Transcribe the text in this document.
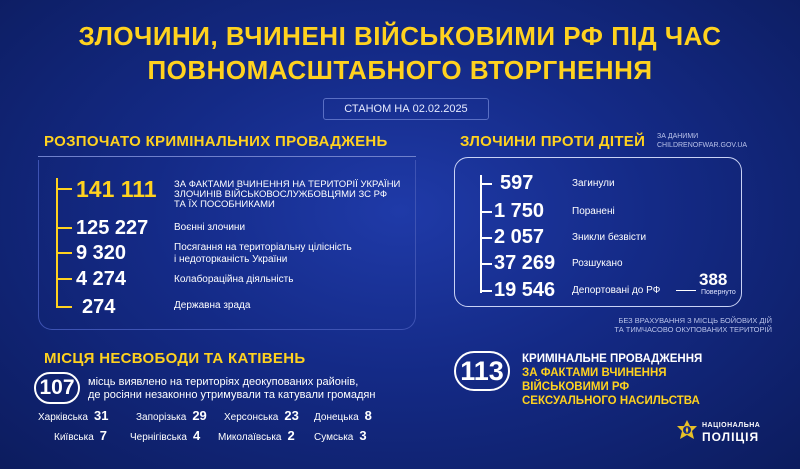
ЗЛОЧИНИ, ВЧИНЕНІ ВІЙСЬКОВИМИ РФ ПІД ЧАС
ПОВНОМАСШТАБНОГО ВТОРГНЕННЯ
СТАНОМ НА 02.02.2025
РОЗПОЧАТО КРИМІНАЛЬНИХ ПРОВАДЖЕНЬ
141 111 ЗА ФАКТАМИ ВЧИНЕННЯ НА ТЕРИТОРІЇ УКРАЇНИ
ЗЛОЧИНІВ ВІЙСЬКОВОСЛУЖБОВЦЯМИ ЗС РФ
ТА ЇХ ПОСОБНИКАМИ
125 227	Воєнні злочини
9 320	Посягання на територіальну цілісність
і недоторканість України
4 274	Колабораційна діяльність
274	Державна зрада
ЗЛОЧИНИ ПРОТИ ДІТЕЙ ЗА ДАНИМИ
CHILDRENOFWAR.GOV.UA
597	Загинули
1 750	Поранені
2 057	Зникли безвісти
37 269 Розшукано
19 546 Депортовані до РФ
388
Повернуто
БЕЗ ВРАХУВАННЯ З МІСЦЬ БОЙОВИХ ДІЙ
ТА ТИМЧАСОВО ОКУПОВАНИХ ТЕРИТОРІЙ
МІСЦЯ НЕСВОБОДИ ТА КАТІВЕНЬ
107	місць виявлено на територіях деокупованих районів,
де росіяни незаконно утримували та катували громадян
Харківська 31	Запорізька 29 Херсонська 23 Донецька 8
Київська 7 Чернігівська 4 Миколаївська 2 Сумська 3
113	КРИМІНАЛЬНЕ ПРОВАДЖЕННЯ
ЗА ФАКТАМИ ВЧИНЕННЯ
ВІЙСЬКОВИМИ РФ
СЕКСУАЛЬНОГО НАСИЛЬСТВА
НАЦІОНАЛЬНА
ПОЛІЦІЯ
